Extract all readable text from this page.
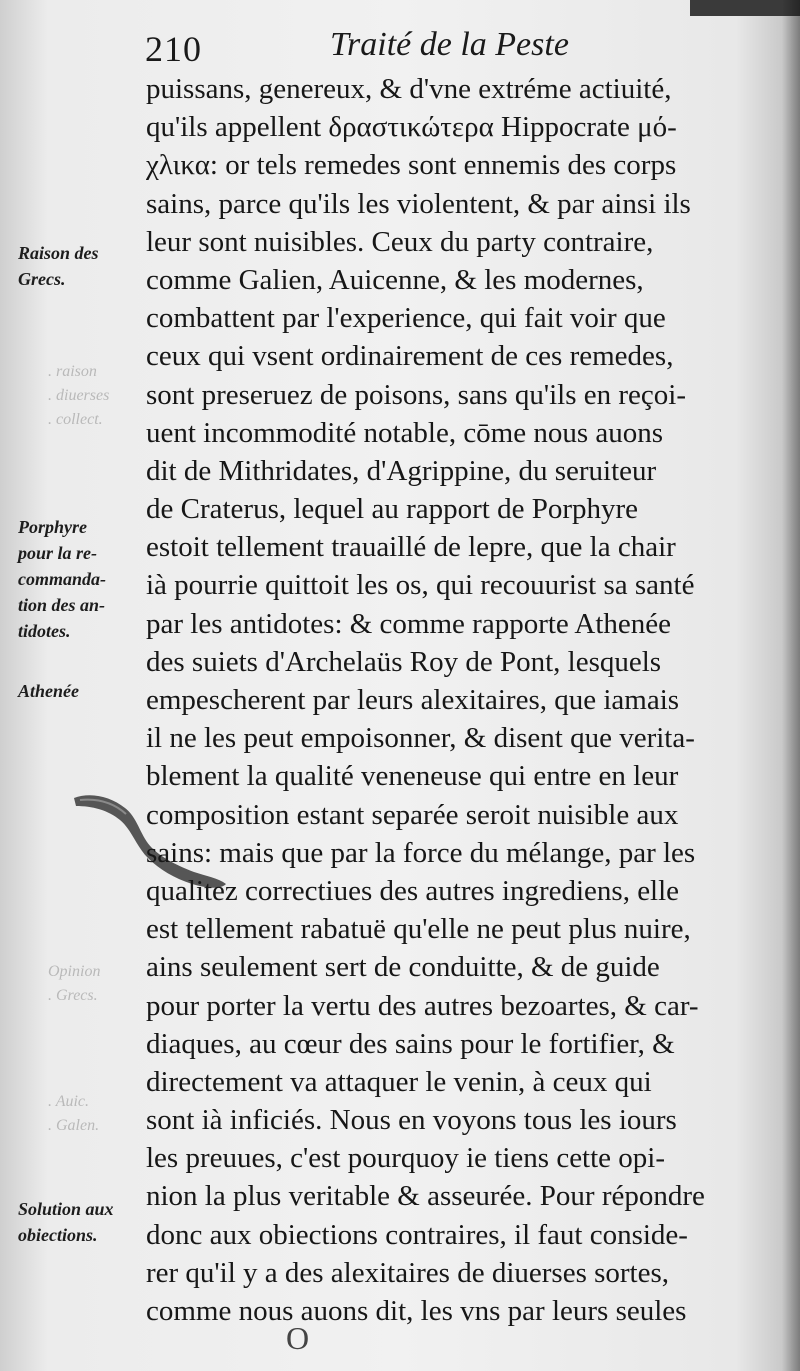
210	Traité de la Peste
. raison
. diuerses
. collect.
Opinion
. Grecs.
. Auic.
. Galen.
Raison des
Grecs.
Porphyre
pour la re-
commanda-
tion des an-
tidotes.
Athenée
Solution aux
obiections.
puissans, genereux, & d'vne extréme actiuité,
qu'ils appellent δραστικώτερα Hippocrate μό-
χλικα: or tels remedes sont ennemis des corps
sains, parce qu'ils les violentent, & par ainsi ils
leur sont nuisibles. Ceux du party contraire,
comme Galien, Auicenne, & les modernes,
combattent par l'experience, qui fait voir que
ceux qui vsent ordinairement de ces remedes,
sont preseruez de poisons, sans qu'ils en reçoi-
uent incommodité notable, cōme nous auons
dit de Mithridates, d'Agrippine, du seruiteur
de Craterus, lequel au rapport de Porphyre
estoit tellement trauaillé de lepre, que la chair
ià pourrie quittoit les os, qui recouurist sa santé
par les antidotes: & comme rapporte Athenée
des suiets d'Archelaüs Roy de Pont, lesquels
empescherent par leurs alexitaires, que iamais
il ne les peut empoisonner, & disent que verita-
blement la qualité veneneuse qui entre en leur
composition estant separée seroit nuisible aux
sains: mais que par la force du mélange, par les
qualitez correctiues des autres ingrediens, elle
est tellement rabatuë qu'elle ne peut plus nuire,
ains seulement sert de conduitte, & de guide
pour porter la vertu des autres bezoartes, & car-
diaques, au cœur des sains pour le fortifier, &
directement va attaquer le venin, à ceux qui
sont ià inficiés. Nous en voyons tous les iours
les preuues, c'est pourquoy ie tiens cette opi-
nion la plus veritable & asseurée. Pour répondre
donc aux obiections contraires, il faut conside-
rer qu'il y a des alexitaires de diuerses sortes,
comme nous auons dit, les vns par leurs seules
O
